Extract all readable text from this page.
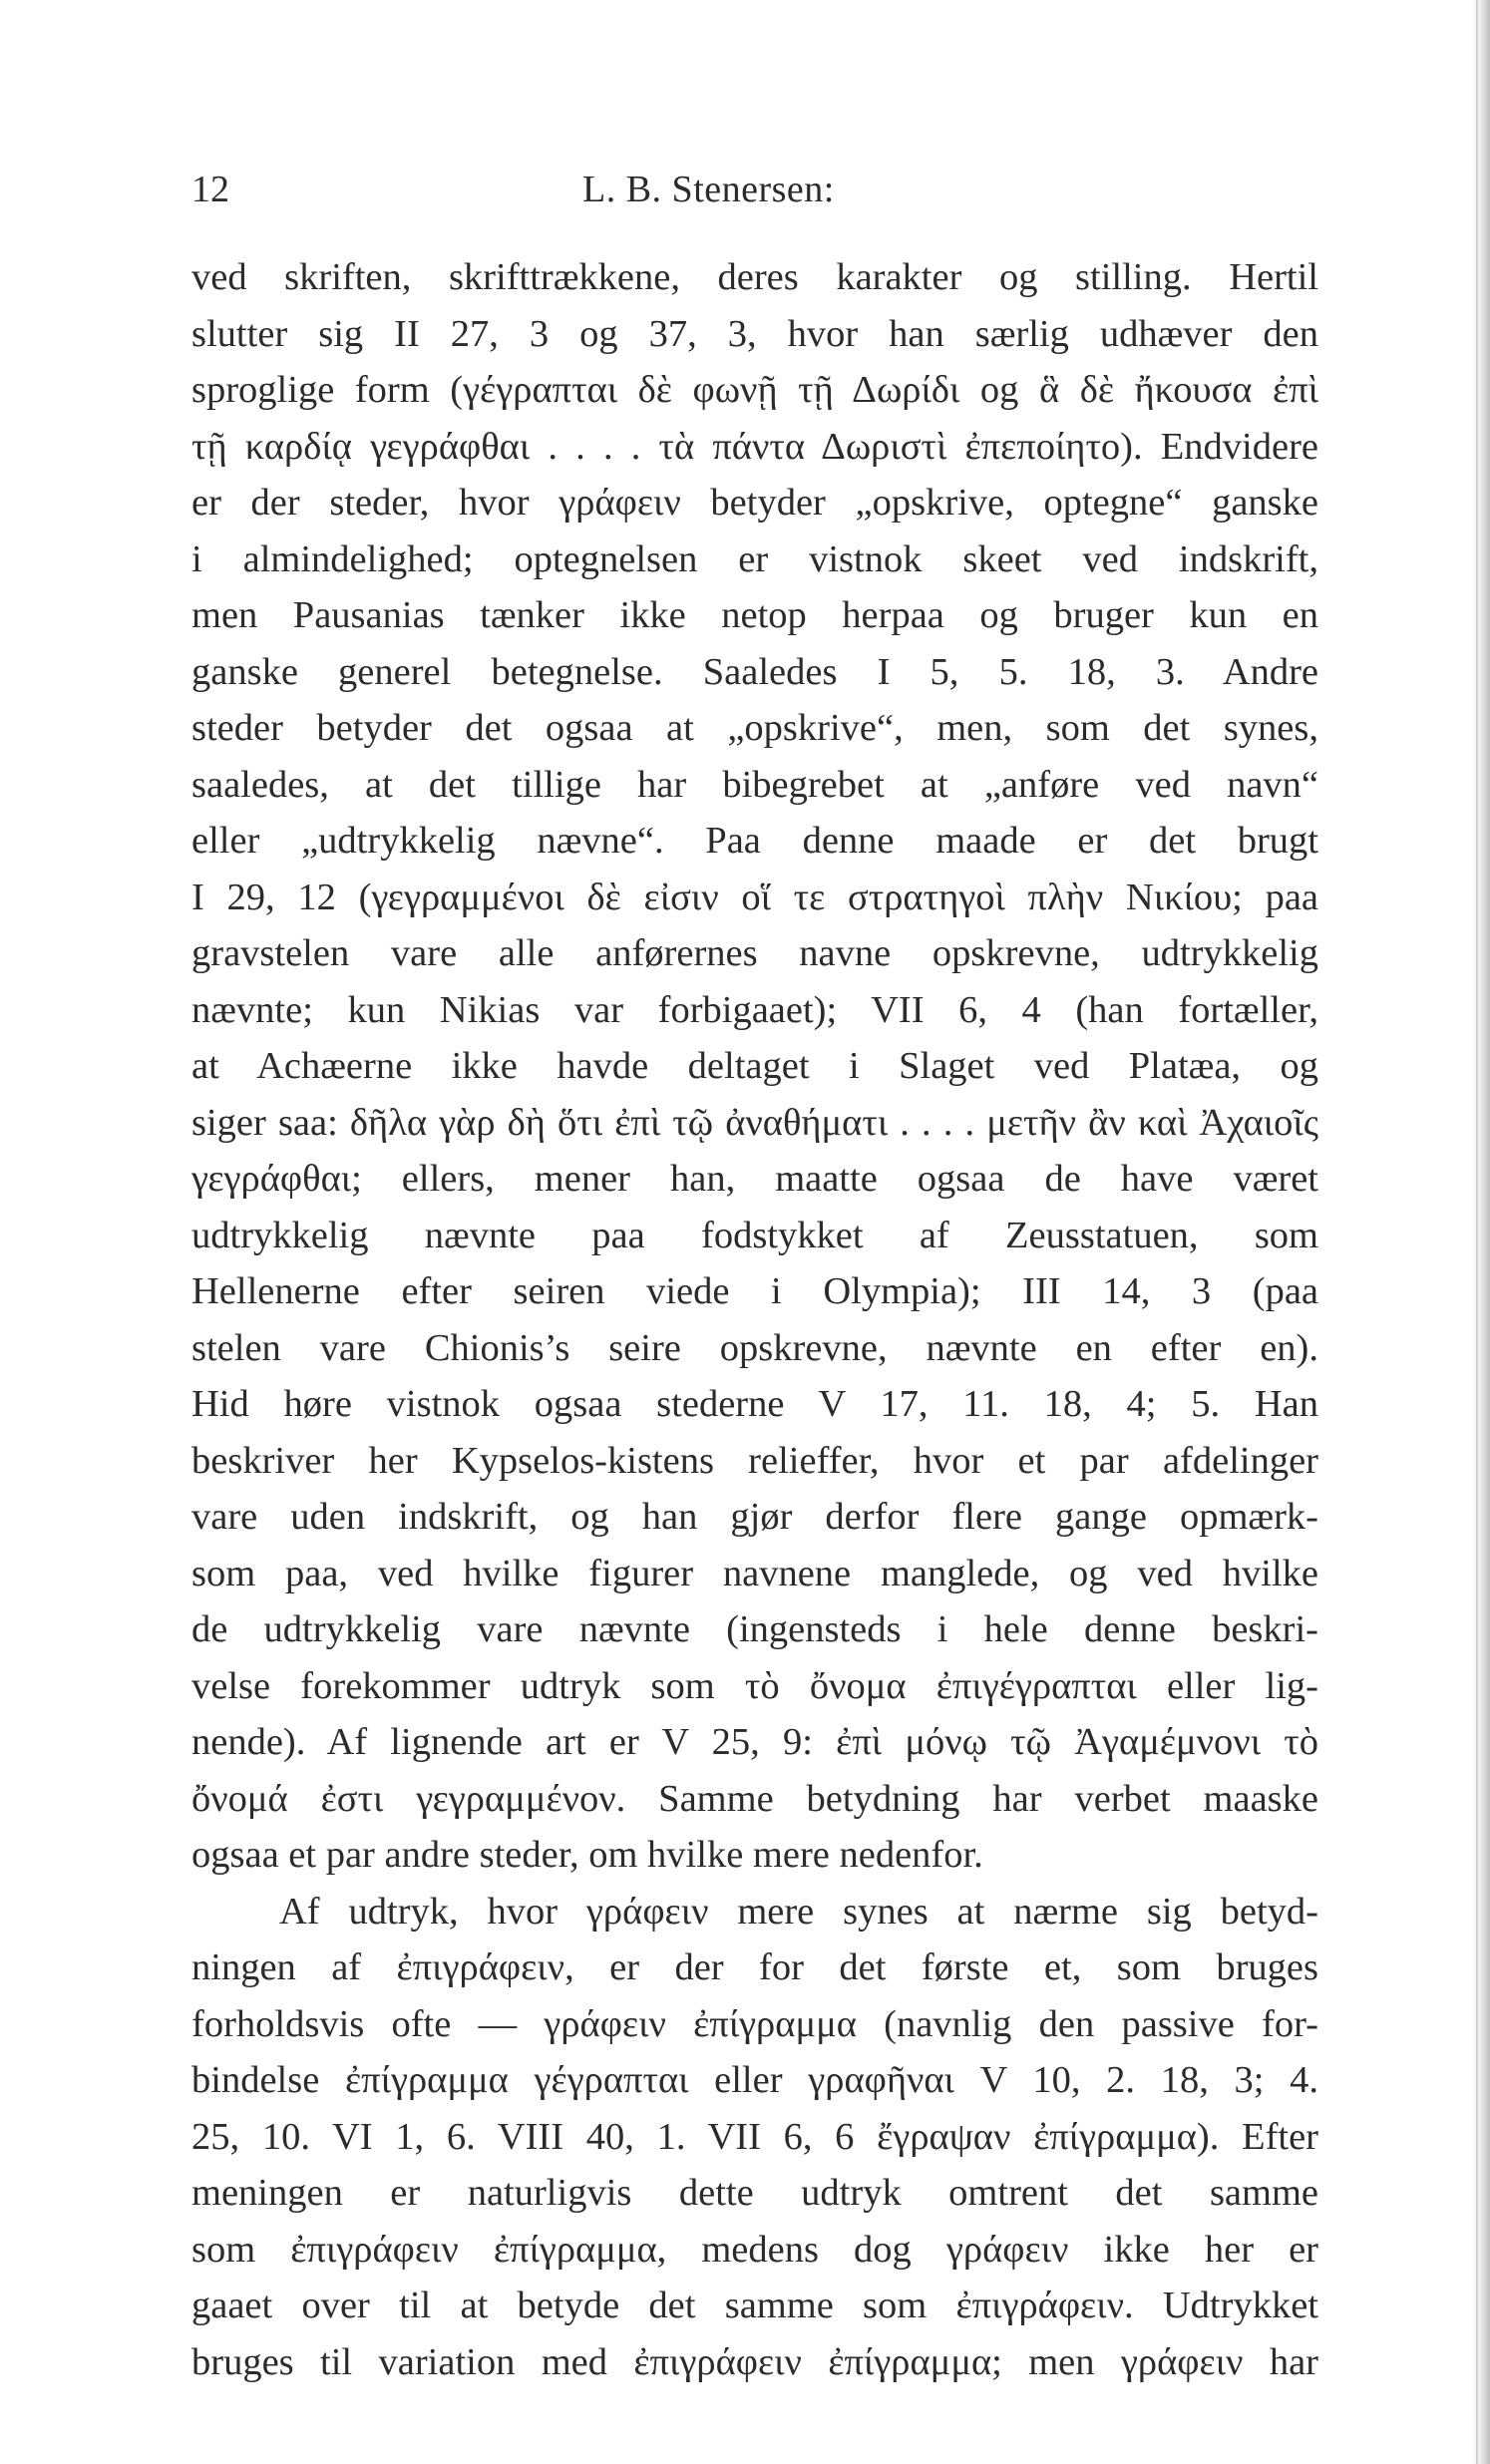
12	L. B. Stenersen:
ved skriften, skrifttrækkene, deres karakter og stilling. Hertil
slutter sig II 27, 3 og 37, 3, hvor han særlig udhæver den
sproglige form (γέγραπται δὲ φωνῇ τῇ Δωρίδι og ἃ δὲ ἤκουσα ἐπὶ
τῇ καρδίᾳ γεγράφθαι . . . . τὰ πάντα Δωριστὶ ἐπεποίητο). Endvidere
er der steder, hvor γράφειν betyder „opskrive, optegne“ ganske
i almindelighed; optegnelsen er vistnok skeet ved indskrift,
men Pausanias tænker ikke netop herpaa og bruger kun en
ganske generel betegnelse. Saaledes I 5, 5. 18, 3. Andre
steder betyder det ogsaa at „opskrive“, men, som det synes,
saaledes, at det tillige har bibegrebet at „anføre ved navn“
eller „udtrykkelig nævne“. Paa denne maade er det brugt
I 29, 12 (γεγραμμένοι δὲ εἰσιν οἵ τε στρατηγοὶ πλὴν Νικίου; paa
gravstelen vare alle anførernes navne opskrevne, udtrykkelig
nævnte; kun Nikias var forbigaaet); VII 6, 4 (han fortæller,
at Achæerne ikke havde deltaget i Slaget ved Platæa, og
siger saa: δῆλα γὰρ δὴ ὅτι ἐπὶ τῷ ἀναθήματι . . . . μετῆν ἂν καὶ Ἀχαιοῖς
γεγράφθαι; ellers, mener han, maatte ogsaa de have været
udtrykkelig nævnte paa fodstykket af Zeusstatuen, som
Hellenerne efter seiren viede i Olympia); III 14, 3 (paa
stelen vare Chionis’s seire opskrevne, nævnte en efter en).
Hid høre vistnok ogsaa stederne V 17, 11. 18, 4; 5. Han
beskriver her Kypselos-kistens relieffer, hvor et par afdelinger
vare uden indskrift, og han gjør derfor flere gange opmærk-
som paa, ved hvilke figurer navnene manglede, og ved hvilke
de udtrykkelig vare nævnte (ingensteds i hele denne beskri-
velse forekommer udtryk som τὸ ὄνομα ἐπιγέγραπται eller lig-
nende). Af lignende art er V 25, 9: ἐπὶ μόνῳ τῷ Ἀγαμέμνονι τὸ
ὄνομά ἐστι γεγραμμένον. Samme betydning har verbet maaske
ogsaa et par andre steder, om hvilke mere nedenfor.
Af udtryk, hvor γράφειν mere synes at nærme sig betyd-
ningen af ἐπιγράφειν, er der for det første et, som bruges
forholdsvis ofte — γράφειν ἐπίγραμμα (navnlig den passive for-
bindelse ἐπίγραμμα γέγραπται eller γραφῆναι V 10, 2. 18, 3; 4.
25, 10. VI 1, 6. VIII 40, 1. VII 6, 6 ἔγραψαν ἐπίγραμμα). Efter
meningen er naturligvis dette udtryk omtrent det samme
som ἐπιγράφειν ἐπίγραμμα, medens dog γράφειν ikke her er
gaaet over til at betyde det samme som ἐπιγράφειν. Udtrykket
bruges til variation med ἐπιγράφειν ἐπίγραμμα; men γράφειν har
